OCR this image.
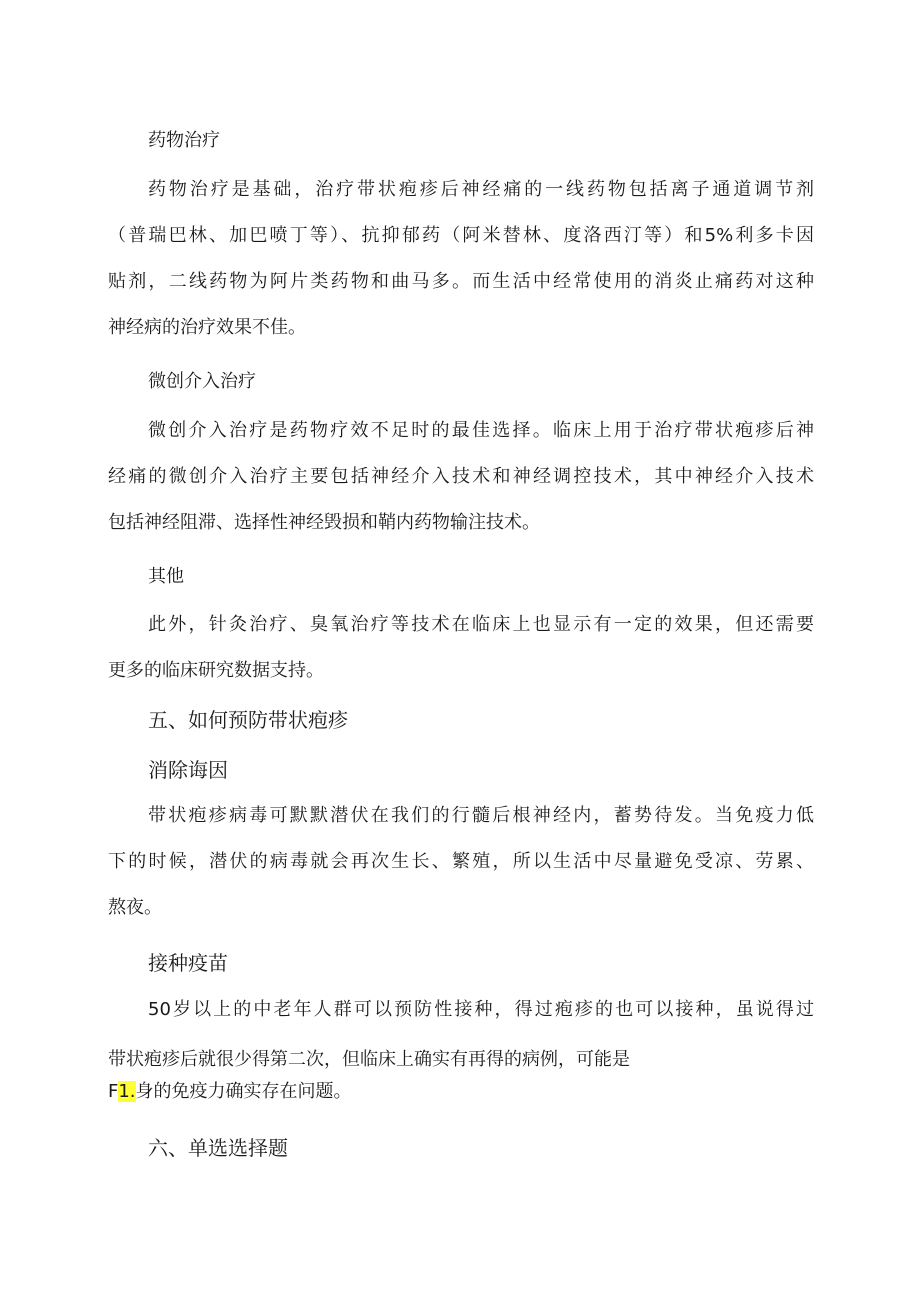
药物治疗

药物治疗是基础，治疗带状疱疹后神经痛的一线药物包括离子通道调节剂
（普瑞巴林、加巴喷丁等）、抗抑郁药（阿米替林、度洛西汀等）和5%利多卡因
贴剂，二线药物为阿片类药物和曲马多。而生活中经常使用的消炎止痛药对这种
神经病的治疗效果不佳。

微创介入治疗

微创介入治疗是药物疗效不足时的最佳选择。临床上用于治疗带状疱疹后神
经痛的微创介入治疗主要包括神经介入技术和神经调控技术，其中神经介入技术
包括神经阻滞、选择性神经毁损和鞘内药物输注技术。

其他

此外，针灸治疗、臭氧治疗等技术在临床上也显示有一定的效果，但还需要
更多的临床研究数据支持。
五、如何预防带状疱疹
消除诲因
带状疱疹病毒可默默潜伏在我们的行髓后根神经内，蓄势待发。当免疫力低
下的时候，潜伏的病毒就会再次生长、繁殖，所以生活中尽量避免受凉、劳累、
熬夜。
接种疫苗
50岁以上的中老年人群可以预防性接种，得过疱疹的也可以接种，虽说得过
带状疱疹后就很少得第二次，但临床上确实有再得的病例，可能是
F1.身的免疫力确实存在问题。
六、单选选择题
